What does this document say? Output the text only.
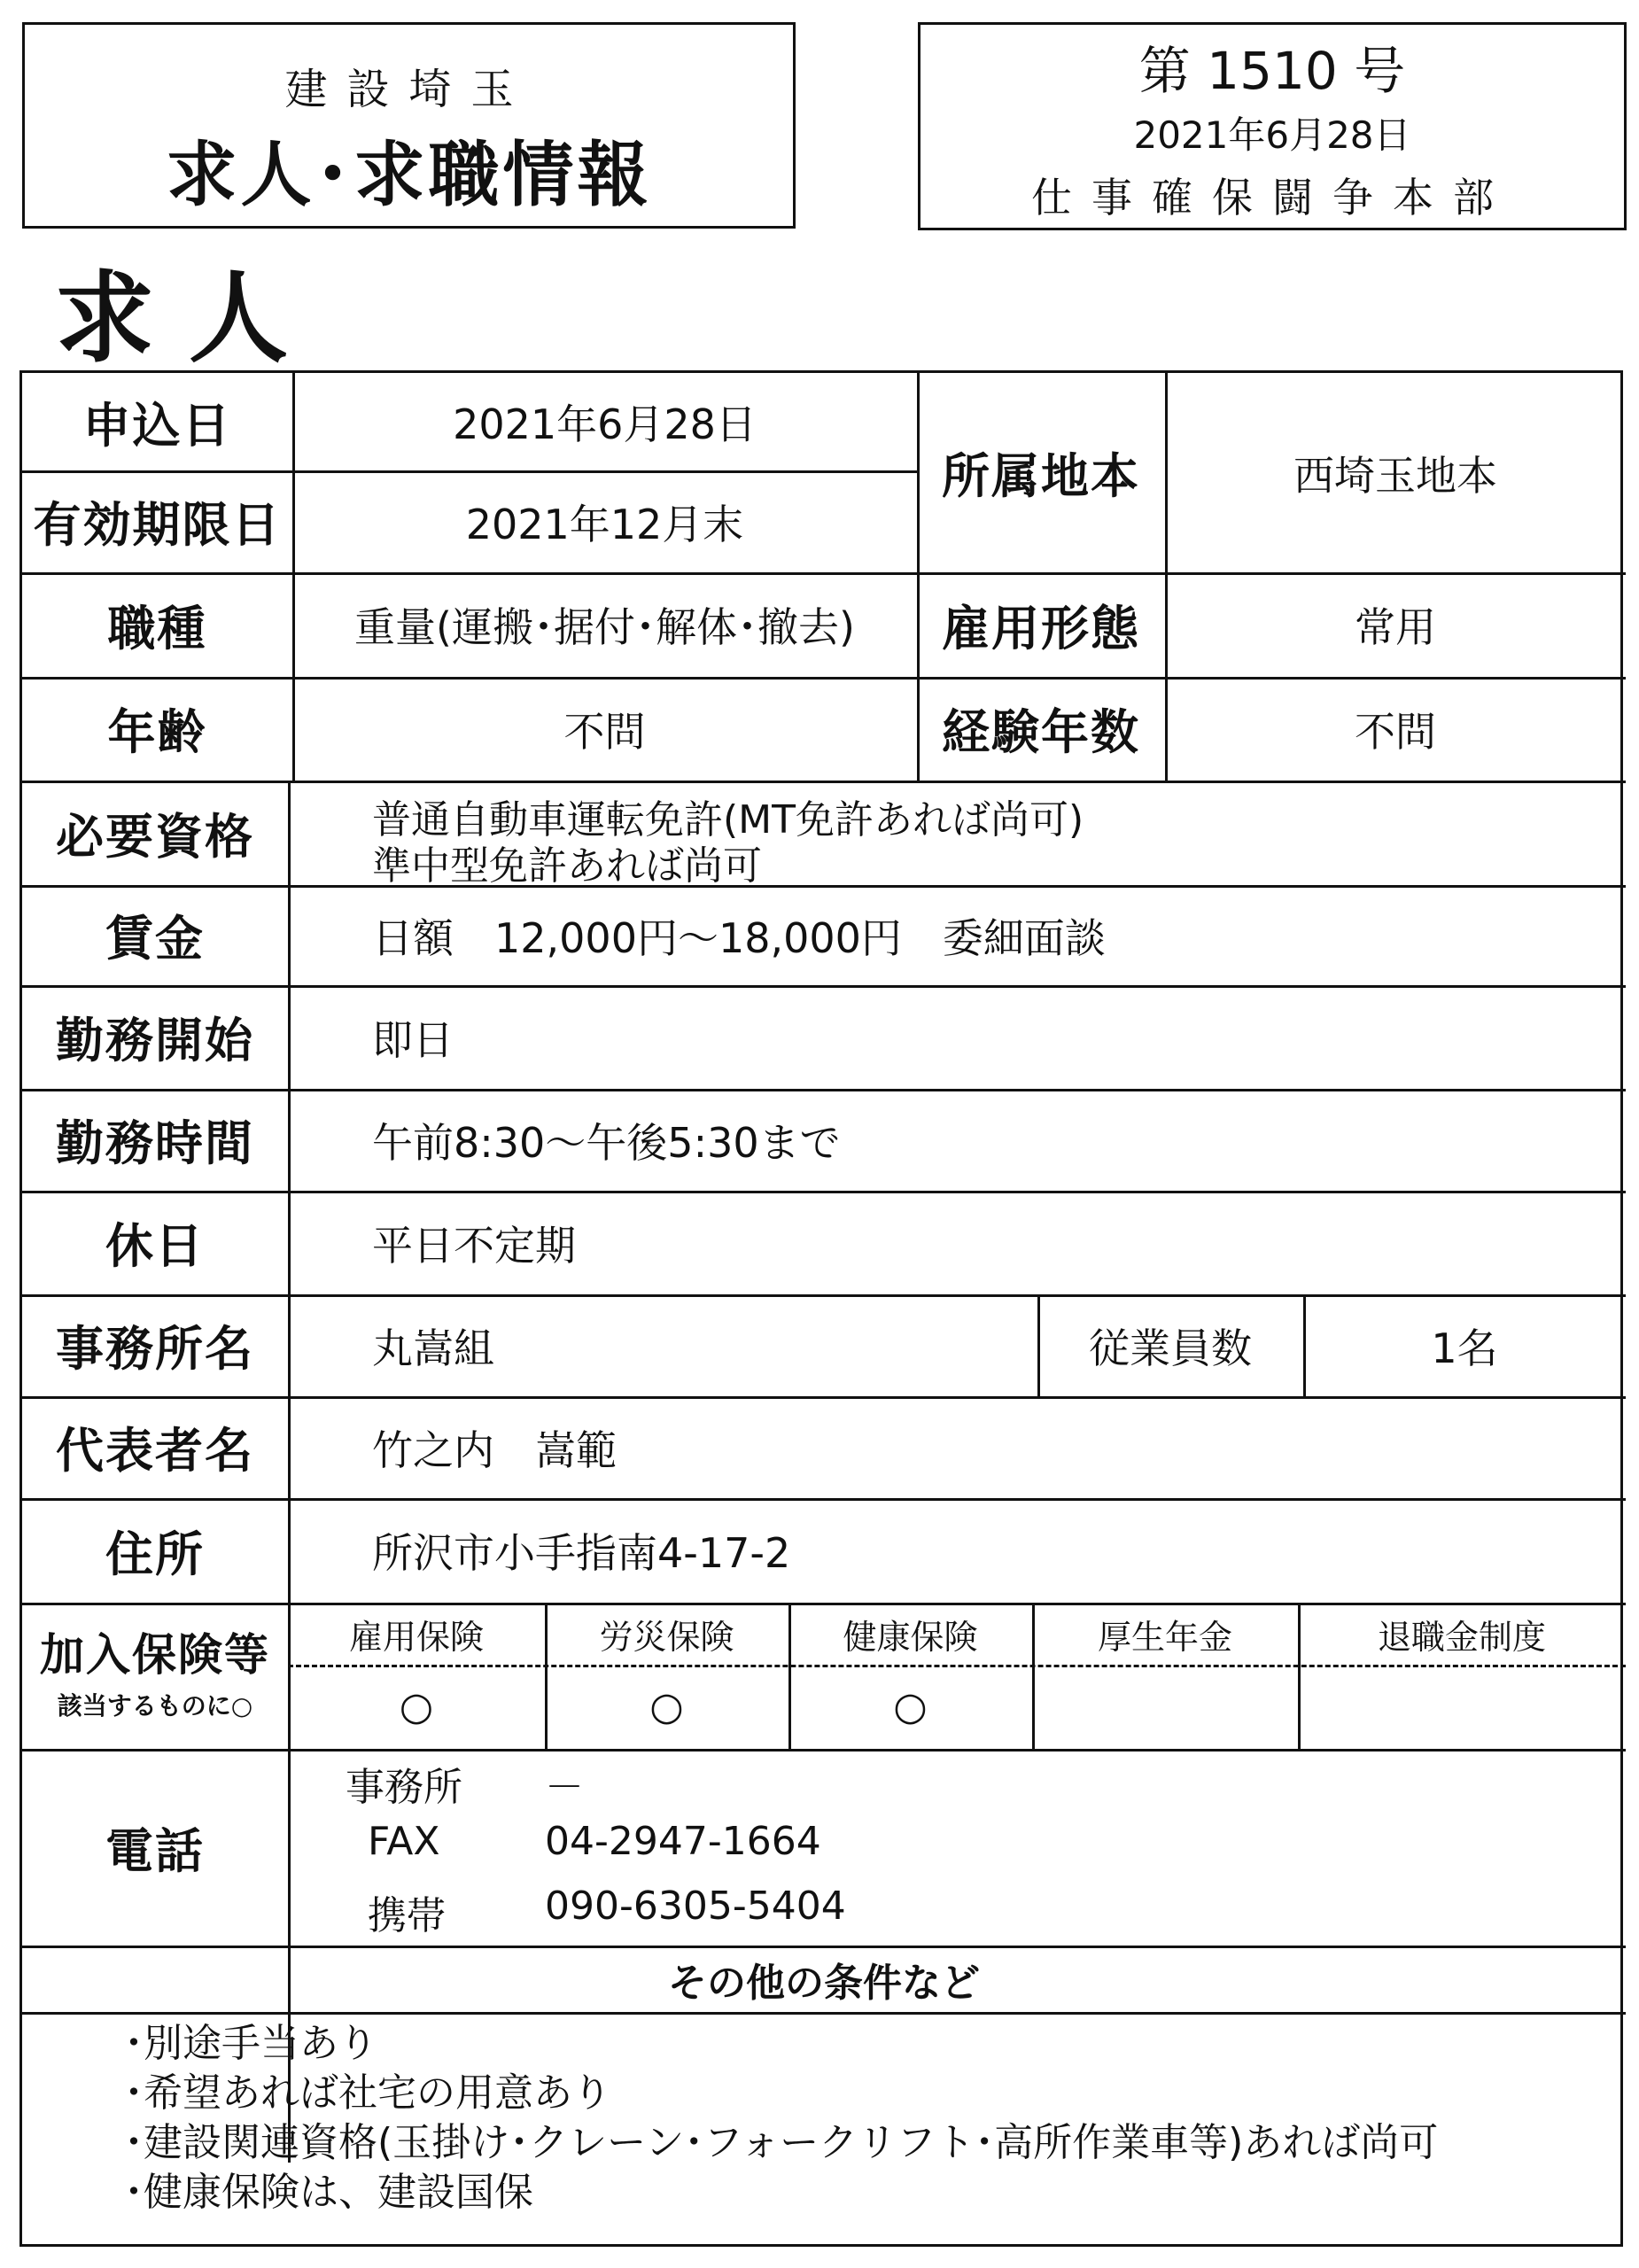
建設埼玉
求人･求職情報
第 1510 号
2021年6月28日
仕事確保闘争本部
求 人
申込日	2021年6月28日
有効期限日	2021年12月末
所属地本	西埼玉地本
職種	重量(運搬･据付･解体･撤去)	雇用形態	常用
年齢	不問	経験年数	不問
必要資格	普通自動車運転免許(MT免許あれば尚可)
準中型免許あれば尚可
賃金	日額　12,000円～18,000円　委細面談
勤務開始	即日
勤務時間	午前8:30～午後5:30まで
休日	平日不定期
事務所名	丸嵩組	従業員数	1名
代表者名	竹之内　嵩範
住所	所沢市小手指南4-17-2
加入保険等
該当するものに○
雇用保険	労災保険	健康保険	厚生年金	退職金制度
○	○	○
電話
事務所	－
FAX	04-2947-1664
携帯	090-6305-5404
その他の条件など
･別途手当あり
･希望あれば社宅の用意あり
･建設関連資格(玉掛け･クレーン･フォークリフト･高所作業車等)あれば尚可
･健康保険は、建設国保
